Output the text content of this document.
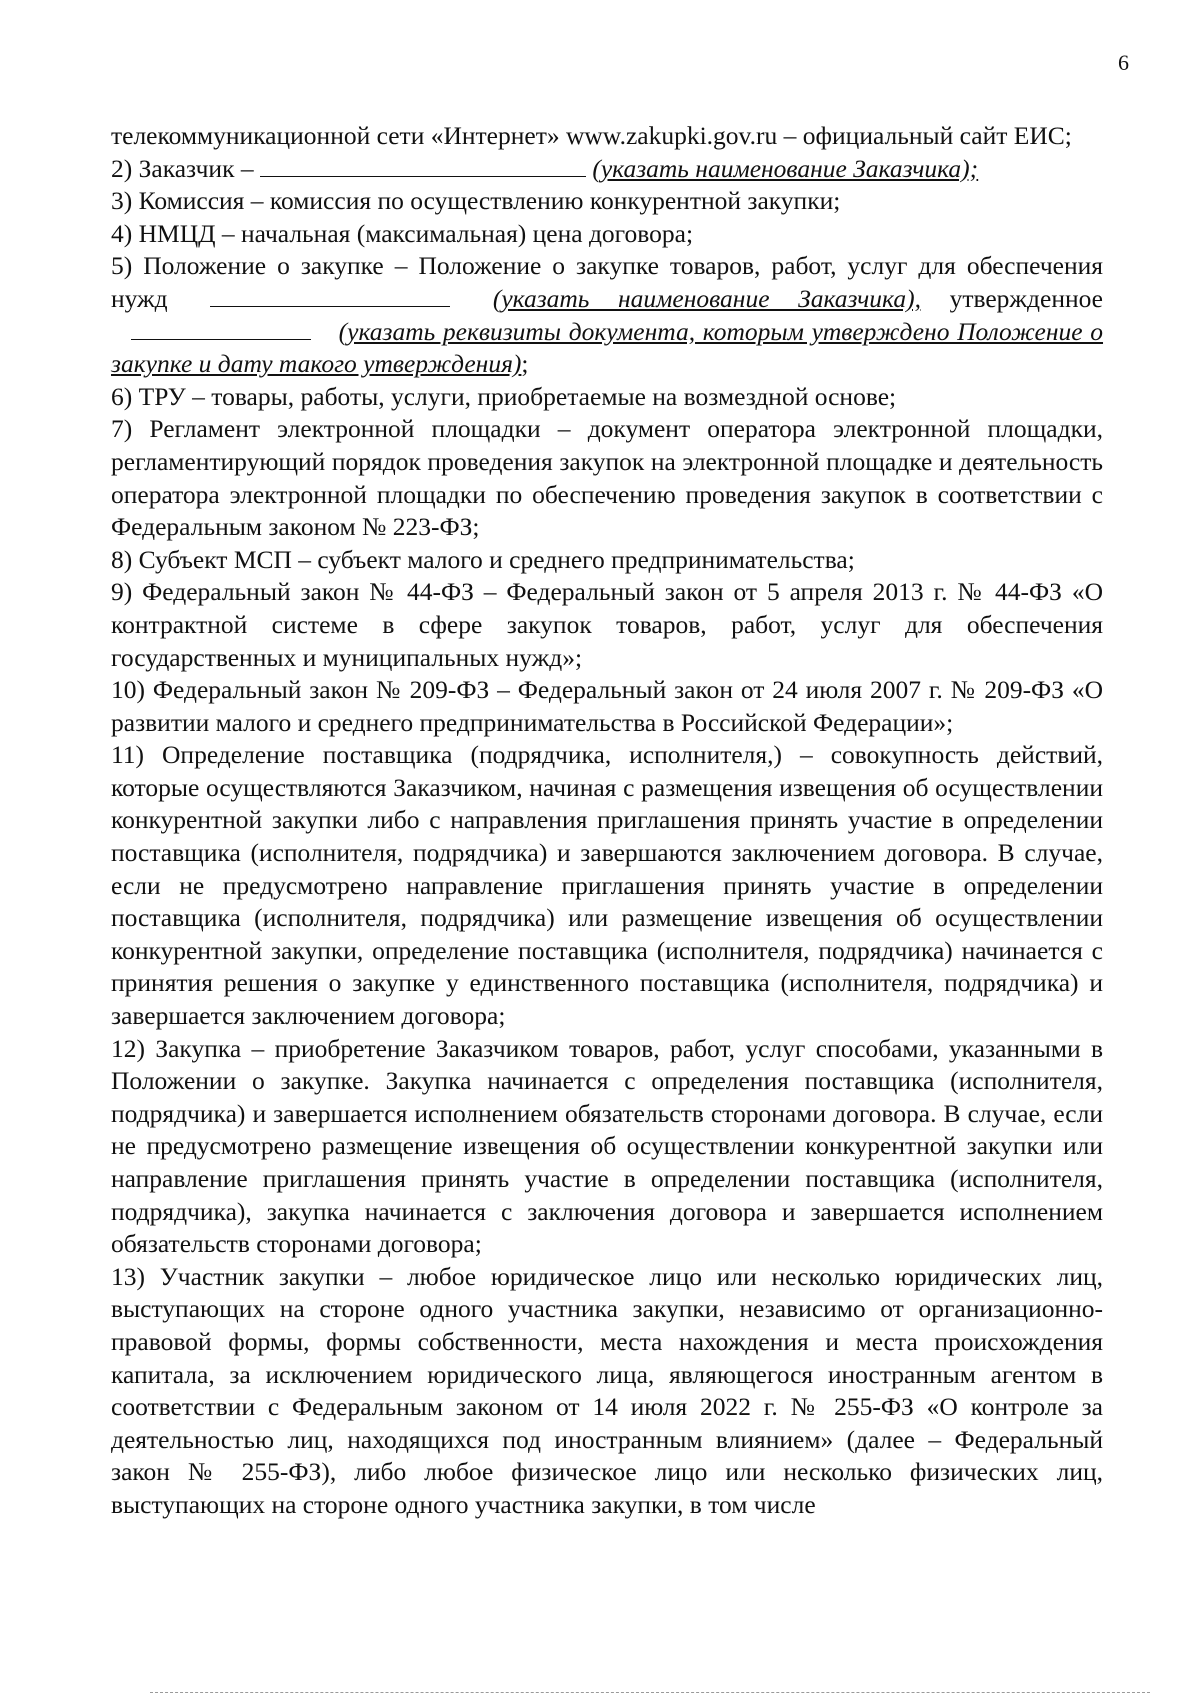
6

телекоммуникационной сети «Интернет» www.zakupki.gov.ru – официальный сайт ЕИС;

2) Заказчик –	(указать наименование Заказчика);

3) Комиссия – комиссия по осуществлению конкурентной закупки;

4) НМЦД – начальная (максимальная) цена договора;

5) Положение о закупке – Положение о закупке товаров, работ, услуг для обеспечения нужд	(указать наименование Заказчика), утвержденное  (указать реквизиты документа, которым утверждено Положение о закупке и дату такого утверждения);

6) ТРУ – товары, работы, услуги, приобретаемые на возмездной основе;

7) Регламент электронной площадки – документ оператора электронной площадки, регламентирующий порядок проведения закупок на электронной площадке и деятельность оператора электронной площадки по обеспечению проведения закупок в соответствии с Федеральным законом № 223-ФЗ;

8) Субъект МСП – субъект малого и среднего предпринимательства;

9) Федеральный закон № 44-ФЗ – Федеральный закон от 5 апреля 2013 г. № 44-ФЗ «О контрактной системе в сфере закупок товаров, работ, услуг для обеспечения государственных и муниципальных нужд»;

10) Федеральный закон № 209-ФЗ – Федеральный закон от 24 июля 2007 г. № 209-ФЗ «О развитии малого и среднего предпринимательства в Российской Федерации»;

11) Определение поставщика (подрядчика, исполнителя,) – совокупность действий, которые осуществляются Заказчиком, начиная с размещения извещения об осуществлении конкурентной закупки либо с направления приглашения принять участие в определении поставщика (исполнителя, подрядчика) и завершаются заключением договора. В случае, если не предусмотрено направление приглашения принять участие в определении поставщика (исполнителя, подрядчика) или размещение извещения об осуществлении конкурентной закупки, определение поставщика (исполнителя, подрядчика) начинается с принятия решения о закупке у единственного поставщика (исполнителя, подрядчика) и завершается заключением договора;

12) Закупка – приобретение Заказчиком товаров, работ, услуг способами, указанными в Положении о закупке. Закупка начинается с определения поставщика (исполнителя, подрядчика) и завершается исполнением обязательств сторонами договора. В случае, если не предусмотрено размещение извещения об осуществлении конкурентной закупки или направление приглашения принять участие в определении поставщика (исполнителя, подрядчика), закупка начинается с заключения договора и завершается исполнением обязательств сторонами договора;

13) Участник закупки – любое юридическое лицо или несколько юридических лиц, выступающих на стороне одного участника закупки, независимо от организационно-правовой формы, формы собственности, места нахождения и места происхождения капитала, за исключением юридического лица, являющегося иностранным агентом в соответствии с Федеральным законом от 14 июля 2022 г. № 255-ФЗ «О контроле за деятельностью лиц, находящихся под иностранным влиянием» (далее – Федеральный закон № 255-ФЗ), либо любое физическое лицо или несколько физических лиц, выступающих на стороне одного участника закупки, в том числе
